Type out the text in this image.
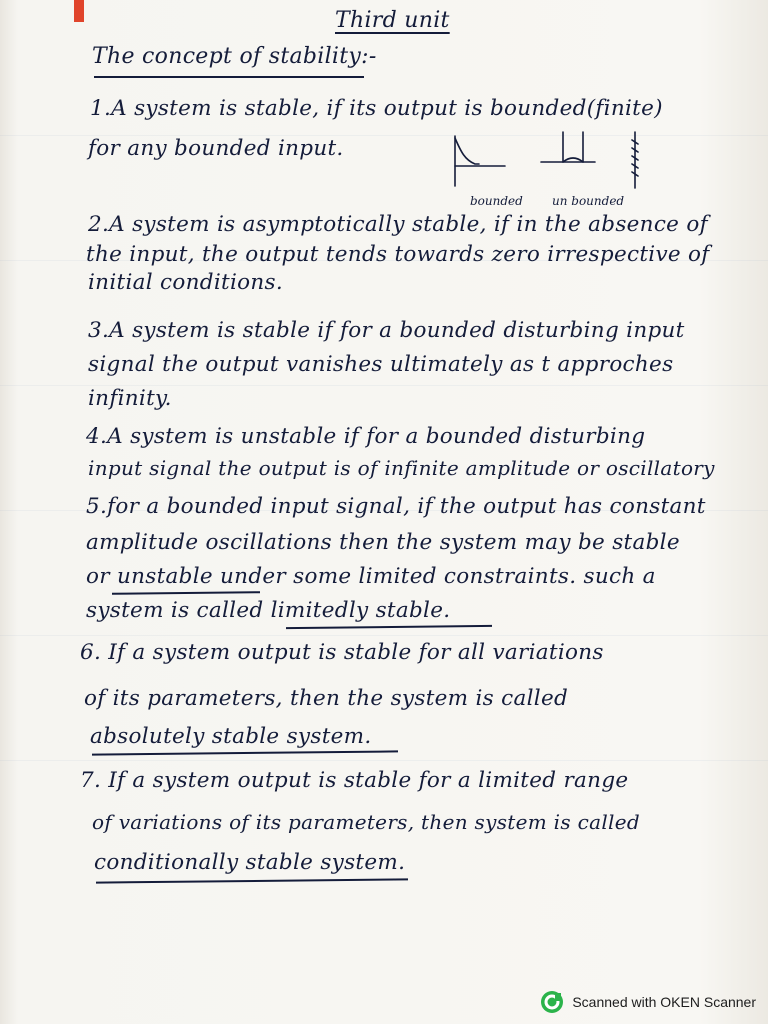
Third unit
The concept of stability:-
1.A system is stable, if its output is bounded(finite)
for any bounded input.
bounded un bounded
2.A system is asymptotically stable, if in the absence of
the input, the output tends towards zero irrespective of
initial conditions.
3.A system is stable if for a bounded disturbing input
signal the output vanishes ultimately as t approches
infinity.
4.A system is unstable if for a bounded disturbing
input signal the output is of infinite amplitude or oscillatory
5.for a bounded input signal, if the output has constant
amplitude oscillations then the system may be stable
or unstable under some limited constraints. such a
system is called limitedly stable.
6. If a system output is stable for all variations
of its parameters, then the system is called
absolutely stable system.
7. If a system output is stable for a limited range
of variations of its parameters, then system is called
conditionally stable system.
Scanned with OKEN Scanner
